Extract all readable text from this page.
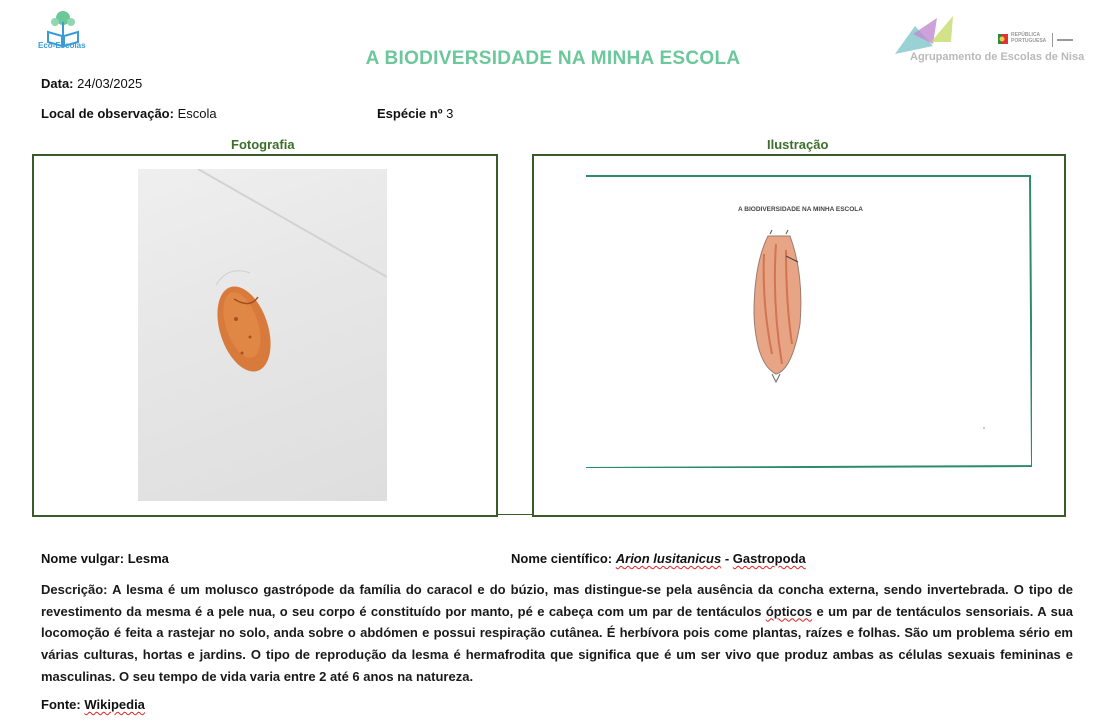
Eco-Escolas
A BIODIVERSIDADE NA MINHA ESCOLA	Agrupamento de Escolas de Nisa
REPÚBLICA
PORTUGUESA
Data: 24/03/2025
Local de observação: Escola	Espécie nº 3
Fotografia	Ilustração
A BIODIVERSIDADE NA MINHA ESCOLA
Nome vulgar: Lesma	Nome científico: Arion lusitanicus - Gastropoda
Descrição: A lesma é um molusco gastrópode da família do caracol e do búzio, mas distingue-se pela ausência da concha externa, sendo invertebrada. O tipo de revestimento da mesma é a pele nua, o seu corpo é constituído por manto, pé e cabeça com um par de tentáculos ópticos e um par de tentáculos sensoriais. A sua locomoção é feita a rastejar no solo, anda sobre o abdómen e possui respiração cutânea. É herbívora pois come plantas, raízes e folhas. São um problema sério em várias culturas, hortas e jardins. O tipo de reprodução da lesma é hermafrodita que significa que é um ser vivo que produz ambas as células sexuais femininas e masculinas. O seu tempo de vida varia entre 2 até 6 anos na natureza.
Fonte: Wikipedia
